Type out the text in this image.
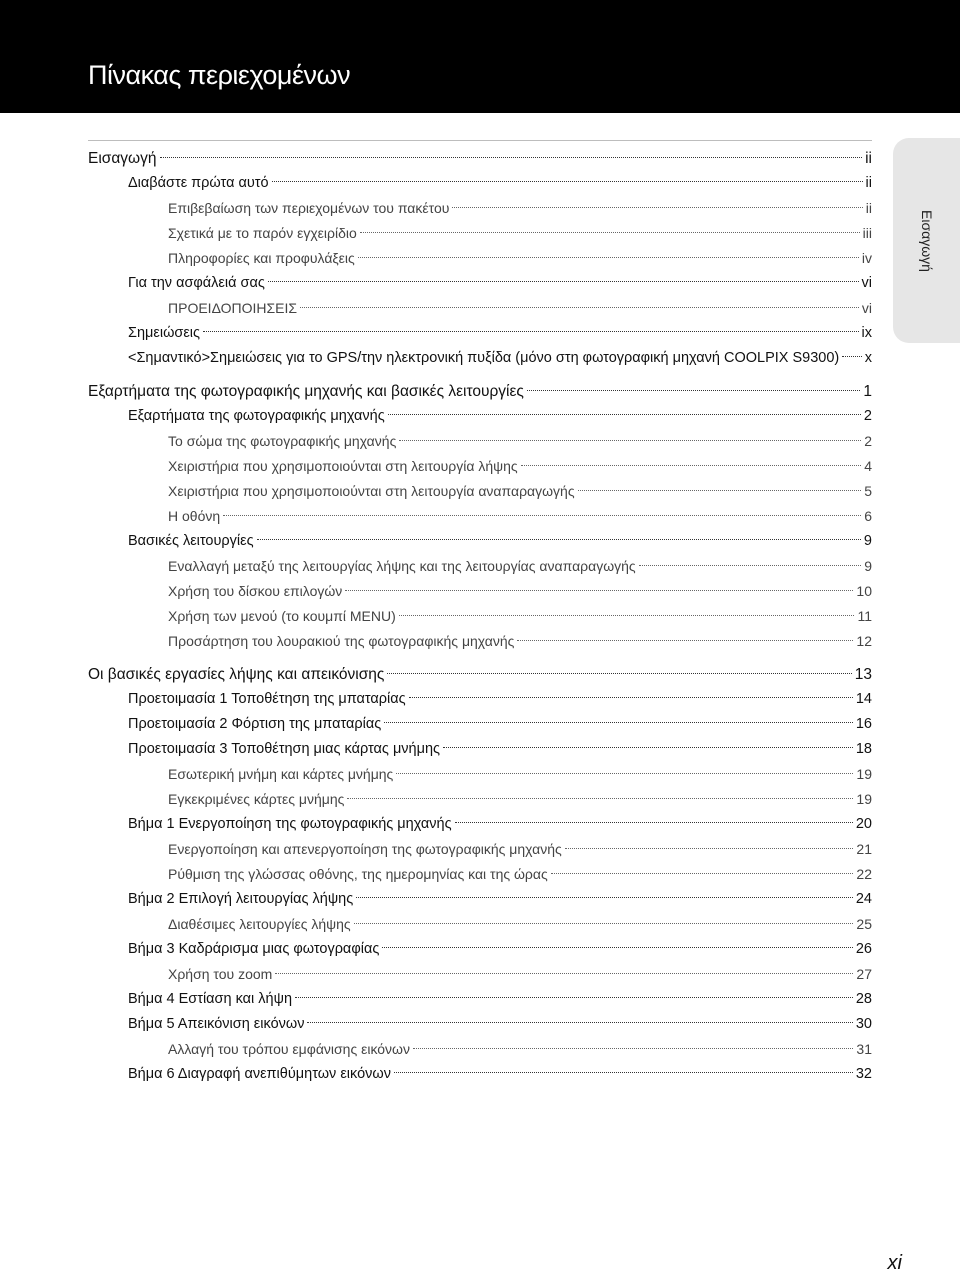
Πίνακας περιεχομένων
Εισαγωγή
Εισαγωγή	ii
Διαβάστε πρώτα αυτό	ii
Επιβεβαίωση των περιεχομένων του πακέτου	ii
Σχετικά με το παρόν εγχειρίδιο	iii
Πληροφορίες και προφυλάξεις	iv
Για την ασφάλειά σας	vi
ΠΡΟΕΙΔΟΠΟΙΗΣΕΙΣ	vi
Σημειώσεις	ix
<Σημαντικό>Σημειώσεις για το GPS/την ηλεκτρονική πυξίδα (μόνο στη φωτογραφική μηχανή COOLPIX S9300) x
Εξαρτήματα της φωτογραφικής μηχανής και βασικές λειτουργίες	1
Εξαρτήματα της φωτογραφικής μηχανής	2
Το σώμα της φωτογραφικής μηχανής	2
Χειριστήρια που χρησιμοποιούνται στη λειτουργία λήψης	4
Χειριστήρια που χρησιμοποιούνται στη λειτουργία αναπαραγωγής	5
Η οθόνη	6
Βασικές λειτουργίες	9
Εναλλαγή μεταξύ της λειτουργίας λήψης και της λειτουργίας αναπαραγωγής	9
Χρήση του δίσκου επιλογών	10
Χρήση των μενού (το κουμπί MENU)	11
Προσάρτηση του λουρακιού της φωτογραφικής μηχανής	12
Οι βασικές εργασίες λήψης και απεικόνισης	13
Προετοιμασία 1 Τοποθέτηση της μπαταρίας	14
Προετοιμασία 2 Φόρτιση της μπαταρίας	16
Προετοιμασία 3 Τοποθέτηση μιας κάρτας μνήμης	18
Εσωτερική μνήμη και κάρτες μνήμης	19
Εγκεκριμένες κάρτες μνήμης	19
Βήμα 1 Ενεργοποίηση της φωτογραφικής μηχανής	20
Ενεργοποίηση και απενεργοποίηση της φωτογραφικής μηχανής	21
Ρύθμιση της γλώσσας οθόνης, της ημερομηνίας και της ώρας	22
Βήμα 2 Επιλογή λειτουργίας λήψης	24
Διαθέσιμες λειτουργίες λήψης	25
Βήμα 3 Καδράρισμα μιας φωτογραφίας	26
Χρήση του zoom	27
Βήμα 4 Εστίαση και λήψη	28
Βήμα 5 Απεικόνιση εικόνων	30
Αλλαγή του τρόπου εμφάνισης εικόνων	31
Βήμα 6 Διαγραφή ανεπιθύμητων εικόνων	32
xi
